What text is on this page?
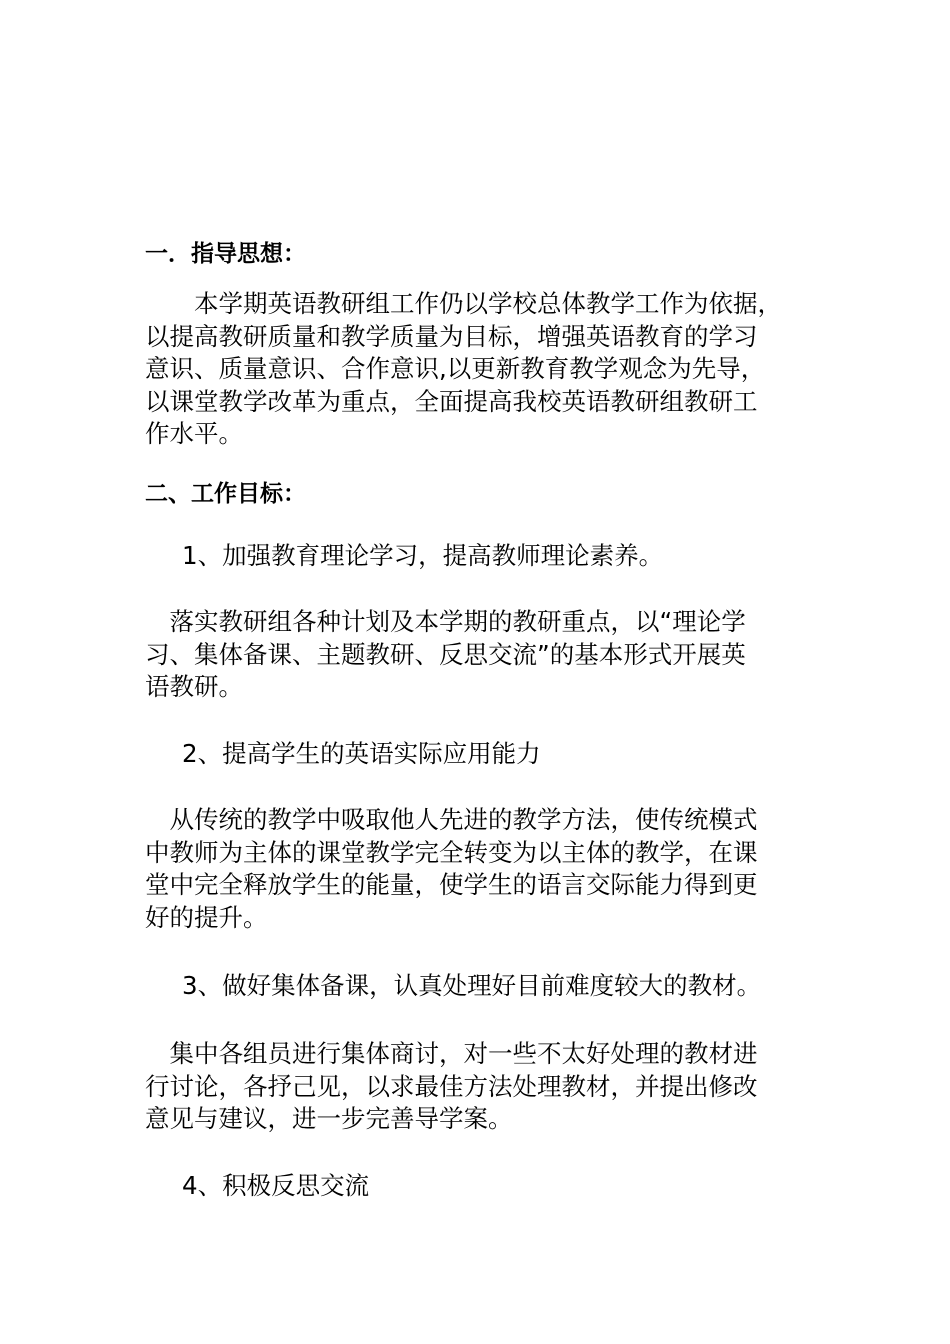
一．指导思想：
　　本学期英语教研组工作仍以学校总体教学工作为依据，
以提高教研质量和教学质量为目标，增强英语教育的学习
意识、质量意识、合作意识,以更新教育教学观念为先导，
以课堂教学改革为重点，全面提高我校英语教研组教研工
作水平。
二、工作目标：
1、加强教育理论学习，提高教师理论素养。
　落实教研组各种计划及本学期的教研重点，以“理论学
习、集体备课、主题教研、反思交流”的基本形式开展英
语教研。
2、提高学生的英语实际应用能力
　从传统的教学中吸取他人先进的教学方法，使传统模式
中教师为主体的课堂教学完全转变为以主体的教学，在课
堂中完全释放学生的能量，使学生的语言交际能力得到更
好的提升。
3、做好集体备课，认真处理好目前难度较大的教材。
　集中各组员进行集体商讨，对一些不太好处理的教材进
行讨论，各抒己见，以求最佳方法处理教材，并提出修改
意见与建议，进一步完善导学案。
4、积极反思交流
